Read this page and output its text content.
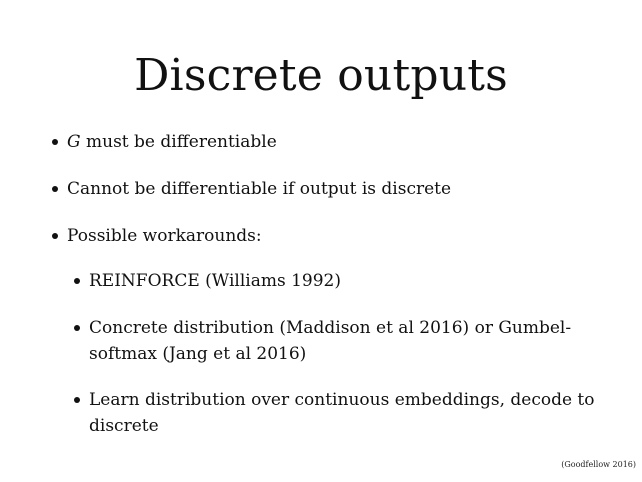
Discrete outputs
G must be differentiable
Cannot be differentiable if output is discrete
Possible workarounds:
REINFORCE (Williams 1992)
Concrete distribution (Maddison et al 2016) or Gumbel-
softmax (Jang et al 2016)
Learn distribution over continuous embeddings, decode to
discrete
(Goodfellow 2016)
